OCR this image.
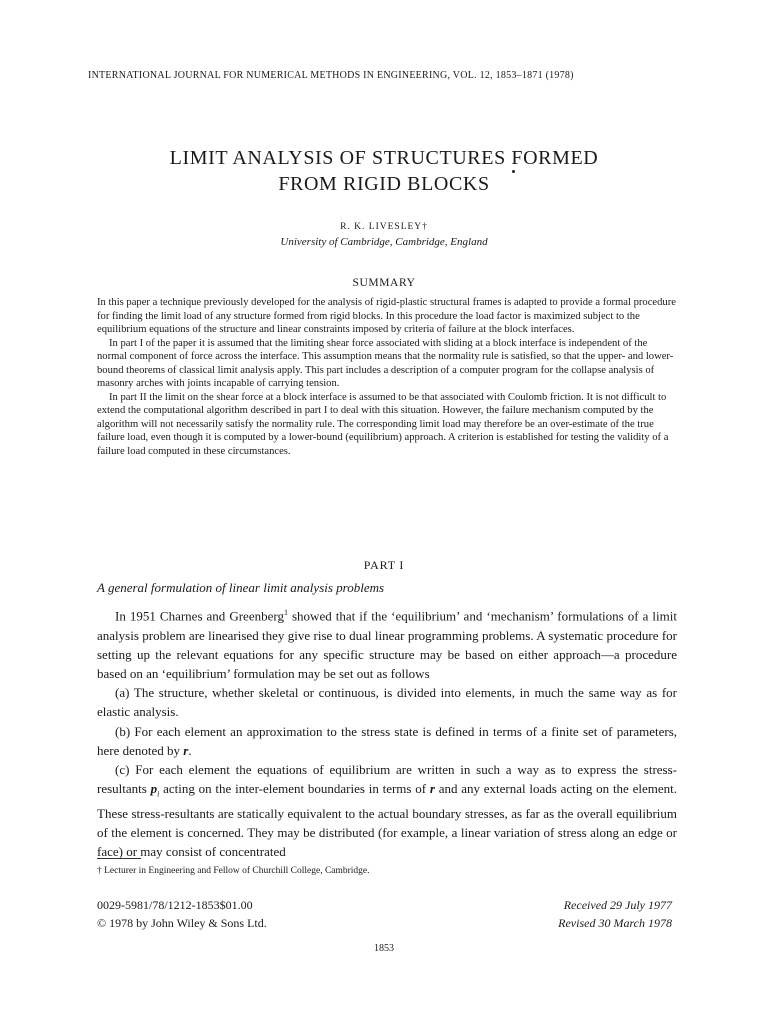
INTERNATIONAL JOURNAL FOR NUMERICAL METHODS IN ENGINEERING, VOL. 12, 1853–1871 (1978)
LIMIT ANALYSIS OF STRUCTURES FORMED
FROM RIGID BLOCKS
R. K. LIVESLEY†
University of Cambridge, Cambridge, England
SUMMARY

In this paper a technique previously developed for the analysis of rigid-plastic structural frames is adapted to provide a formal procedure for finding the limit load of any structure formed from rigid blocks. In this procedure the load factor is maximized subject to the equilibrium equations of the structure and linear constraints imposed by criteria of failure at the block interfaces.

In part I of the paper it is assumed that the limiting shear force associated with sliding at a block interface is independent of the normal component of force across the interface. This assumption means that the normality rule is satisfied, so that the upper- and lower-bound theorems of classical limit analysis apply. This part includes a description of a computer program for the collapse analysis of masonry arches with joints incapable of carrying tension.

In part II the limit on the shear force at a block interface is assumed to be that associated with Coulomb friction. It is not difficult to extend the computational algorithm described in part I to deal with this situation. However, the failure mechanism computed by the algorithm will not necessarily satisfy the normality rule. The corresponding limit load may therefore be an over-estimate of the true failure load, even though it is computed by a lower-bound (equilibrium) approach. A criterion is established for testing the validity of a failure load computed in these circumstances.

PART I
A general formulation of linear limit analysis problems

In 1951 Charnes and Greenberg$^1$ showed that if the ‘equilibrium’ and ‘mechanism’ formulations of a limit analysis problem are linearised they give rise to dual linear programming problems. A systematic procedure for setting up the relevant equations for any specific structure may be based on either approach—a procedure based on an ‘equilibrium’ formulation may be set out as follows

(a) The structure, whether skeletal or continuous, is divided into elements, in much the same way as for elastic analysis.

(b) For each element an approximation to the stress state is defined in terms of a finite set of parameters, here denoted by r.

(c) For each element the equations of equilibrium are written in such a way as to express the stress-resultants $p_i$ acting on the inter-element boundaries in terms of r and any external loads acting on the element. These stress-resultants are statically equivalent to the actual boundary stresses, as far as the overall equilibrium of the element is concerned. They may be distributed (for example, a linear variation of stress along an edge or face) or may consist of concentrated

† Lecturer in Engineering and Fellow of Churchill College, Cambridge.
0029-5981/78/1212-1853$01.00
© 1978 by John Wiley & Sons Ltd.
Received 29 July 1977
Revised 30 March 1978
1853
